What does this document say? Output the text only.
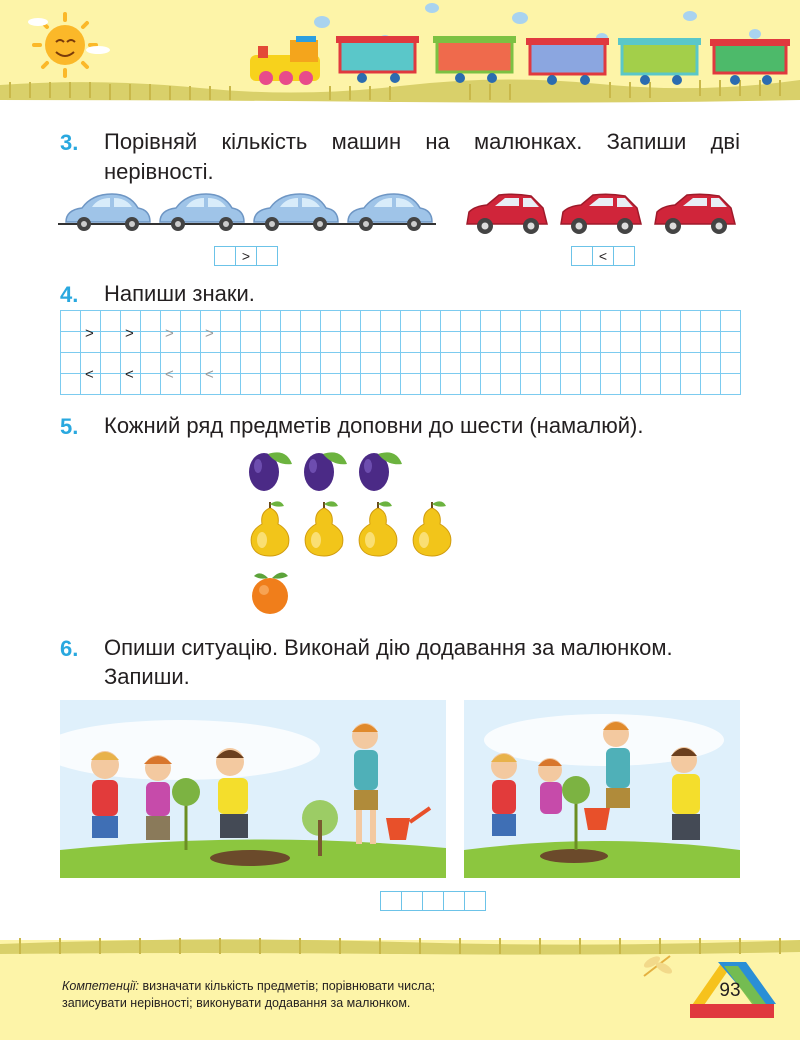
3. Порівняй кількість машин на малюнках. Запиши дві
нерівності.
>	<
4. Напиши знаки.
> > > >
< < < <
5. Кожний ряд предметів доповни до шести (намалюй).
6. Опиши ситуацію. Виконай дію додавання за малюнком.
Запиши.
Компетенції: визначати кількість предметів; порівнювати числа;
записувати нерівності; виконувати додавання за малюнком.
93
